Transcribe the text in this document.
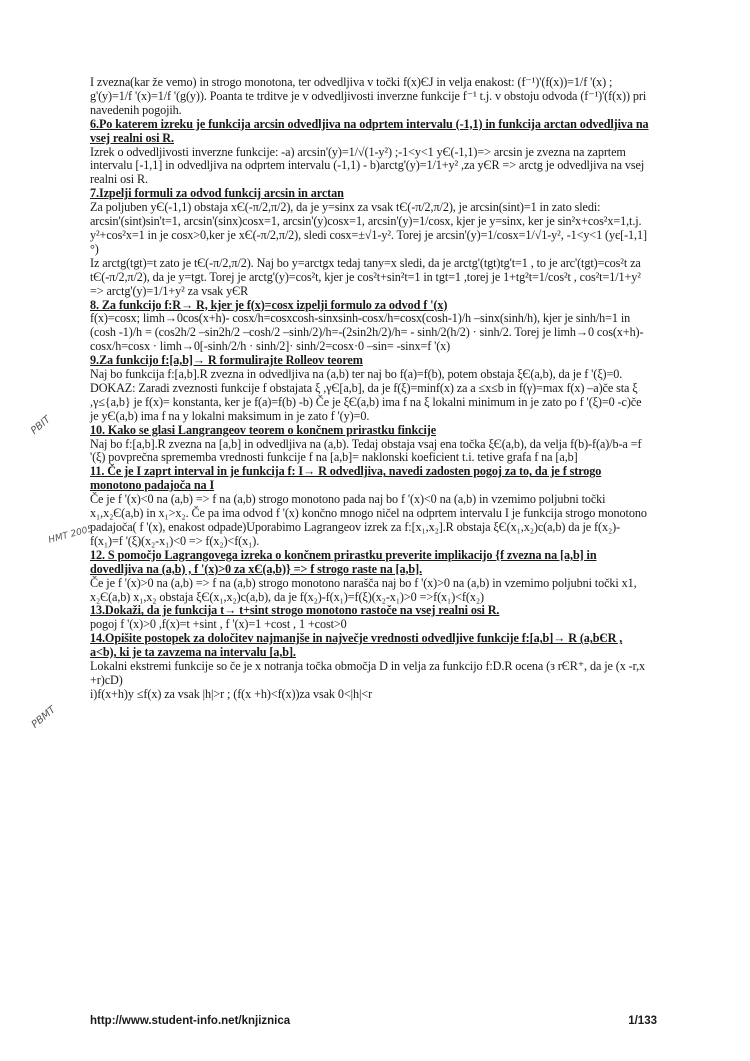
I zvezna(kar že vemo) in strogo monotona, ter odvedljiva v točki f(x)ЄJ in velja enakost: (f⁻¹)'(f(x))=1/f '(x) ; g'(y)=1/f '(x)=1/f '(g(y)). Poanta te trditve je v odvedljivosti inverzne funkcije f⁻¹ t.j. v obstoju odvoda (f⁻¹)'(f(x)) pri navedenih pogojih.

6.Po katerem izreku je funkcija arcsin odvedljiva na odprtem intervalu (-1,1) in funkcija arctan odvedljiva na vsej realni osi R.

Izrek o odvedljivosti inverzne funkcije: -a) arcsin'(y)=1/√(1-y²) ;-1<y<1 yЄ(-1,1)=> arcsin je zvezna na zaprtem intervalu [-1,1] in odvedljiva na odprtem intervalu (-1,1) - b)arctg'(y)=1/1+y² ,za yЄR => arctg je odvedljiva na vsej realni osi R.

7.Izpelji formuli za odvod funkcij arcsin in arctan

Za poljuben yЄ(-1,1) obstaja xЄ(-π/2,π/2), da je y=sinx za vsak tЄ(-π/2,π/2), je arcsin(sint)=1 in zato sledi: arcsin'(sint)sin't=1, arcsin'(sinx)cosx=1, arcsin'(y)cosx=1, arcsin'(y)=1/cosx, kjer je y=sinx, ker je sin²x+cos²x=1,t.j. y²+cos²x=1 in je cosx>0,ker je xЄ(-π/2,π/2), sledi cosx=±√1-y². Torej je arcsin'(y)=1/cosx=1/√1-y², -1<y<1 (yє[-1,1]°)

Iz arctg(tgt)=t zato je tЄ(-π/2,π/2). Naj bo y=arctgx tedaj tany=x sledi, da je arctg'(tgt)tg't=1 , to je arc'(tgt)=cos²t za tЄ(-π/2,π/2), da je y=tgt. Torej je arctg'(y)=cos²t, kjer je cos²t+sin²t=1 in tgt=1 ,torej je 1+tg²t=1/cos²t , cos²t=1/1+y² => arctg'(y)=1/1+y² za vsak yЄR

8. Za funkcijo f:R→ R, kjer je f(x)=cosx izpelji formulo za odvod f '(x)

f(x)=cosx; limh→0cos(x+h)- cosx/h=cosxcosh-sinxsinh-cosx/h=cosx(cosh-1)/h –sinx(sinh/h), kjer je sinh/h=1 in (cosh -1)/h = (cos2h/2 –sin2h/2 –cosh/2 –sinh/2)/h=-(2sin2h/2)/h= - sinh/2(h/2) · sinh/2. Torej je limh→0 cos(x+h)-cosx/h=cosx · limh→0[-sinh/2/h · sinh/2]· sinh/2=cosx·0 –sin= -sinx=f '(x)

9.Za funkcijo f:[a,b]→ R formulirajte Rolleov teorem

Naj bo funkcija f:[a,b].R zvezna in odvedljiva na (a,b) ter naj bo f(a)=f(b), potem obstaja ξЄ(a,b), da je f '(ξ)=0. DOKAZ: Zaradi zveznosti funkcije f obstajata ξ ,γЄ[a,b], da je f(ξ)=minf(x) za a ≤x≤b in f(γ)=max f(x) –a)če sta ξ ,γ≤{a,b} je f(x)= konstanta, ker je f(a)=f(b) -b) Če je ξЄ(a,b) ima f na ξ lokalni minimum in je zato po f '(ξ)=0 -c)če je yЄ(a,b) ima f na y lokalni maksimum in je zato f '(y)=0.

10. Kako se glasi Langrangeov teorem o končnem prirastku finkcije

Naj bo f:[a,b].R zvezna na [a,b] in odvedljiva na (a,b). Tedaj obstaja vsaj ena točka ξЄ(a,b), da velja f(b)-f(a)/b-a =f '(ξ) povprečna sprememba vrednosti funkcije f na [a,b]= naklonski koeficient t.i. tetive grafa f na [a,b]

11. Če je I zaprt interval in je funkcija f: I→ R odvedljiva, navedi zadosten pogoj za to, da je f strogo monotono padajoča na I

Če je f '(x)<0 na (a,b) => f na (a,b) strogo monotono pada naj bo f '(x)<0 na (a,b) in vzemimo poljubni točki x₁,x₂Є(a,b) in x₁>x₂. Če pa ima odvod f '(x) končno mnogo ničel na odprtem intervalu I je funkcija strogo monotono padajoča( f '(x), enakost odpade)Uporabimo Lagrangeov izrek za f:[x₁,x₂].R obstaja ξЄ(x₁,x₂)c(a,b) da je f(x₂)-f(x₁)=f '(ξ)(x₂-x₁)<0 => f(x₂)<f(x₁).

12. S pomočjo Lagrangovega izreka o končnem prirastku preverite implikacijo {f zvezna na [a,b] in dovedljiva na (a,b) , f '(x)>0 za xЄ(a,b)} => f strogo raste na [a,b].

Če je f '(x)>0 na (a,b) => f na (a,b) strogo monotono narašča naj bo f '(x)>0 na (a,b) in vzemimo poljubni točki x1, x₂Є(a,b) x₁,x₂ obstaja ξЄ(x₁,x₂)c(a,b), da je f(x₂)-f(x₁)=f(ξ)(x₂-x₁)>0 =>f(x₁)<f(x₂)

13.Dokaži, da je funkcija t→ t+sint strogo monotono rastoče na vsej realni osi R.

pogoj f '(x)>0 ,f(x)=t +sint , f '(x)=1 +cost , 1 +cost>0

14.Opišite postopek za določitev najmanjše in največje vrednosti odvedljive funkcije f:[a,b]→ R (a,bЄR , a<b), ki je ta zavzema na intervalu [a,b].

Lokalni ekstremi funkcije so če je x notranja točka območja D in velja za funkcijo f:D.R ocena (з rЄR⁺, da je (x -r,x +r)cD)

i)f(x+h)y ≤f(x) za vsak |h|>r ; (f(x +h)<f(x))za vsak 0<|h|<r

PBIT
HMT 2005
PBMT
http://www.student-info.net/knjiznica	1/133
